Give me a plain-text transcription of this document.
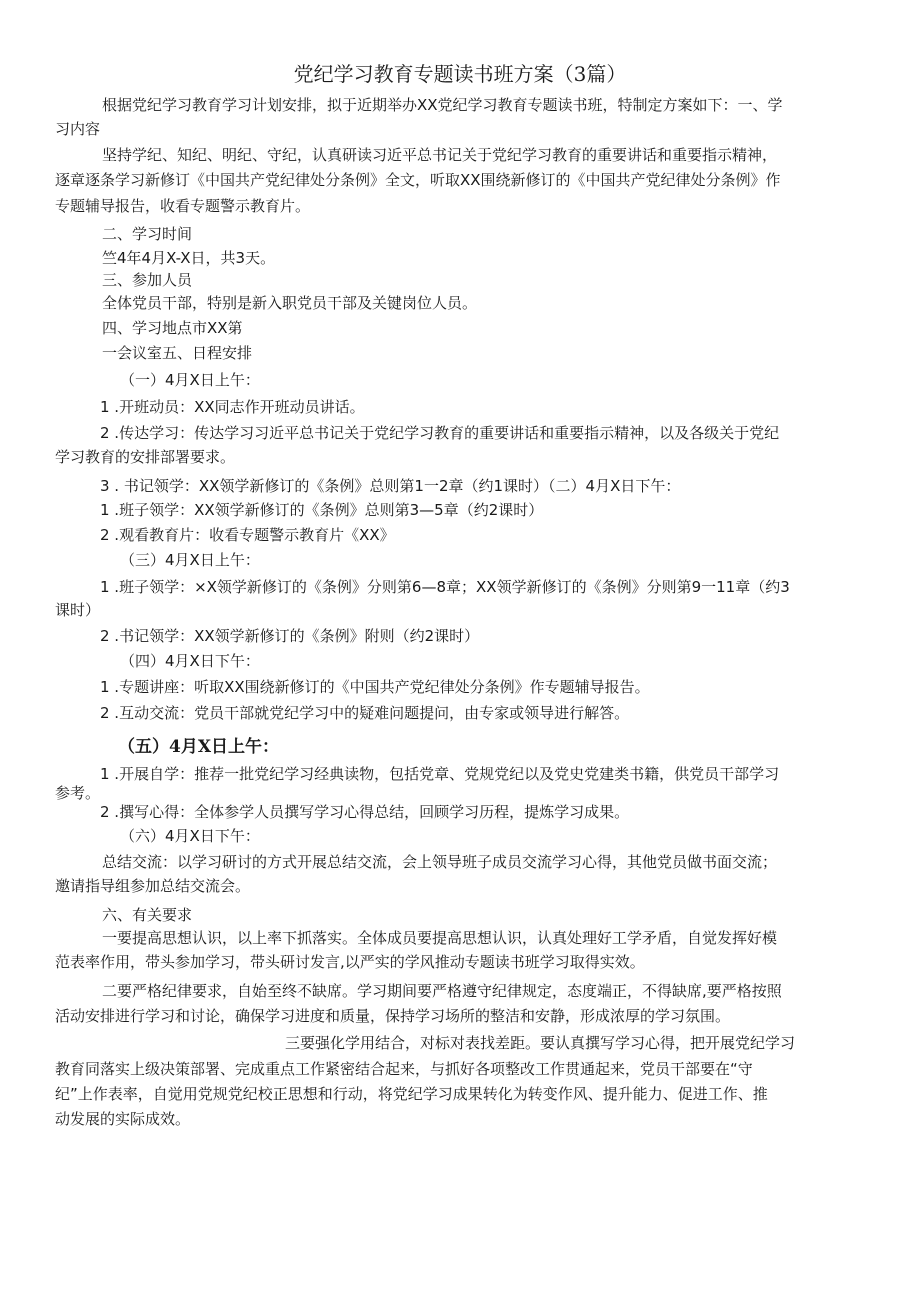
党纪学习教育专题读书班方案（3篇）
根据党纪学习教育学习计划安排，拟于近期举办XX党纪学习教育专题读书班，特制定方案如下：一、学
习内容
坚持学纪、知纪、明纪、守纪，认真研读习近平总书记关于党纪学习教育的重要讲话和重要指示精神，
逐章逐条学习新修订《中国共产党纪律处分条例》全文，听取XX围绕新修订的《中国共产党纪律处分条例》作
专题辅导报告，收看专题警示教育片。
二、学习时间
竺4年4月X-X日，共3天。
三、参加人员
全体党员干部，特别是新入职党员干部及关键岗位人员。
四、学习地点市XX第
一会议室五、日程安排
（一）4月X日上午：
1 .开班动员：XX同志作开班动员讲话。
2 .传达学习：传达学习习近平总书记关于党纪学习教育的重要讲话和重要指示精神，以及各级关于党纪
学习教育的安排部署要求。
3 . 书记领学：XX领学新修订的《条例》总则第1一2章（约1课时）（二）4月X日下午：
1 .班子领学：XX领学新修订的《条例》总则第3—5章（约2课时）
2 .观看教育片：收看专题警示教育片《XX》
（三）4月X日上午：
1 .班子领学：×X领学新修订的《条例》分则第6—8章；XX领学新修订的《条例》分则第9一11章（约3
课时）
2 .书记领学：XX领学新修订的《条例》附则（约2课时）
（四）4月X日下午：
1 .专题讲座：听取XX围绕新修订的《中国共产党纪律处分条例》作专题辅导报告。
2 .互动交流：党员干部就党纪学习中的疑难问题提问，由专家或领导进行解答。
（五）4月X日上午：
1 .开展自学：推荐一批党纪学习经典读物，包括党章、党规党纪以及党史党建类书籍，供党员干部学习
参考。
2 .撰写心得：全体参学人员撰写学习心得总结，回顾学习历程，提炼学习成果。
（六）4月X日下午：
总结交流：以学习研讨的方式开展总结交流，会上领导班子成员交流学习心得，其他党员做书面交流；
邀请指导组参加总结交流会。
六、有关要求
一要提高思想认识，以上率下抓落实。全体成员要提高思想认识，认真处理好工学矛盾，自觉发挥好模
范表率作用，带头参加学习，带头研讨发言,以严实的学风推动专题读书班学习取得实效。
二要严格纪律要求，自始至终不缺席。学习期间要严格遵守纪律规定，态度端正，不得缺席,要严格按照
活动安排进行学习和讨论，确保学习进度和质量，保持学习场所的整洁和安静，形成浓厚的学习氛围。
三要强化学用结合，对标对表找差距。要认真撰写学习心得，把开展党纪学习
教育同落实上级决策部署、完成重点工作紧密结合起来，与抓好各项整改工作贯通起来，党员干部要在“守
纪”上作表率，自觉用党规党纪校正思想和行动，将党纪学习成果转化为转变作风、提升能力、促进工作、推
动发展的实际成效。
